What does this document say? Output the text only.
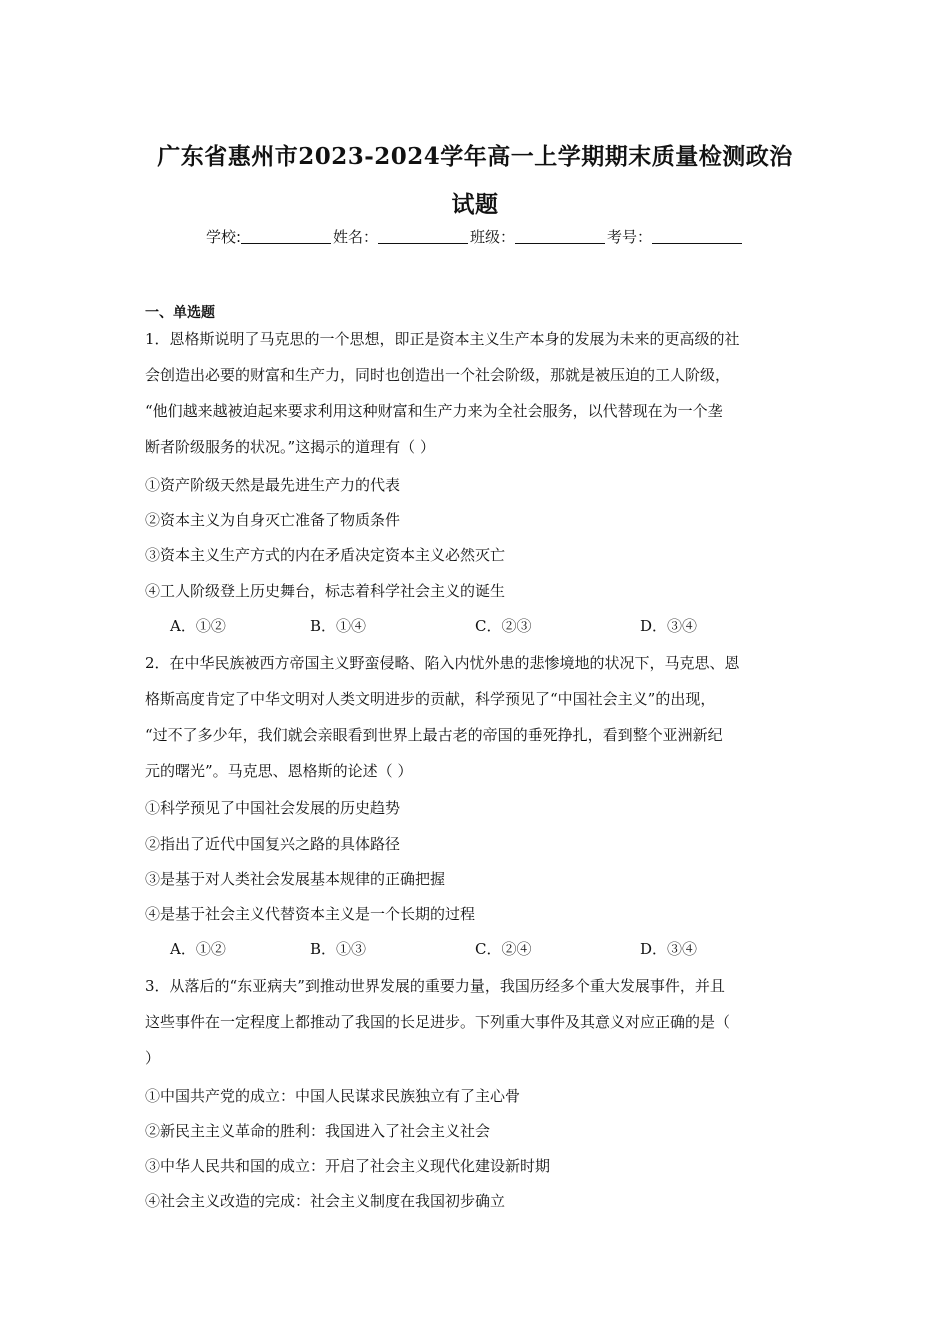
广东省惠州市2023-2024学年高一上学期期末质量检测政治
试题
学校:	姓名：	班级：	考号：
一、单选题
1．恩格斯说明了马克思的一个思想，即正是资本主义生产本身的发展为未来的更高级的社
会创造出必要的财富和生产力，同时也创造出一个社会阶级，那就是被压迫的工人阶级，
“他们越来越被迫起来要求利用这种财富和生产力来为全社会服务，以代替现在为一个垄
断者阶级服务的状况。”这揭示的道理有（ ）
①资产阶级天然是最先进生产力的代表
②资本主义为自身灭亡准备了物质条件
③资本主义生产方式的内在矛盾决定资本主义必然灭亡
④工人阶级登上历史舞台，标志着科学社会主义的诞生
A．①②	B．①④	C．②③	D．③④
2．在中华民族被西方帝国主义野蛮侵略、陷入内忧外患的悲惨境地的状况下，马克思、恩
格斯高度肯定了中华文明对人类文明进步的贡献，科学预见了“中国社会主义”的出现，
“过不了多少年，我们就会亲眼看到世界上最古老的帝国的垂死挣扎，看到整个亚洲新纪
元的曙光”。马克思、恩格斯的论述（ ）
①科学预见了中国社会发展的历史趋势
②指出了近代中国复兴之路的具体路径
③是基于对人类社会发展基本规律的正确把握
④是基于社会主义代替资本主义是一个长期的过程
A．①②	B．①③	C．②④	D．③④
3．从落后的“东亚病夫”到推动世界发展的重要力量，我国历经多个重大发展事件，并且
这些事件在一定程度上都推动了我国的长足进步。下列重大事件及其意义对应正确的是（
）
①中国共产党的成立：中国人民谋求民族独立有了主心骨
②新民主主义革命的胜利：我国进入了社会主义社会
③中华人民共和国的成立：开启了社会主义现代化建设新时期
④社会主义改造的完成：社会主义制度在我国初步确立
